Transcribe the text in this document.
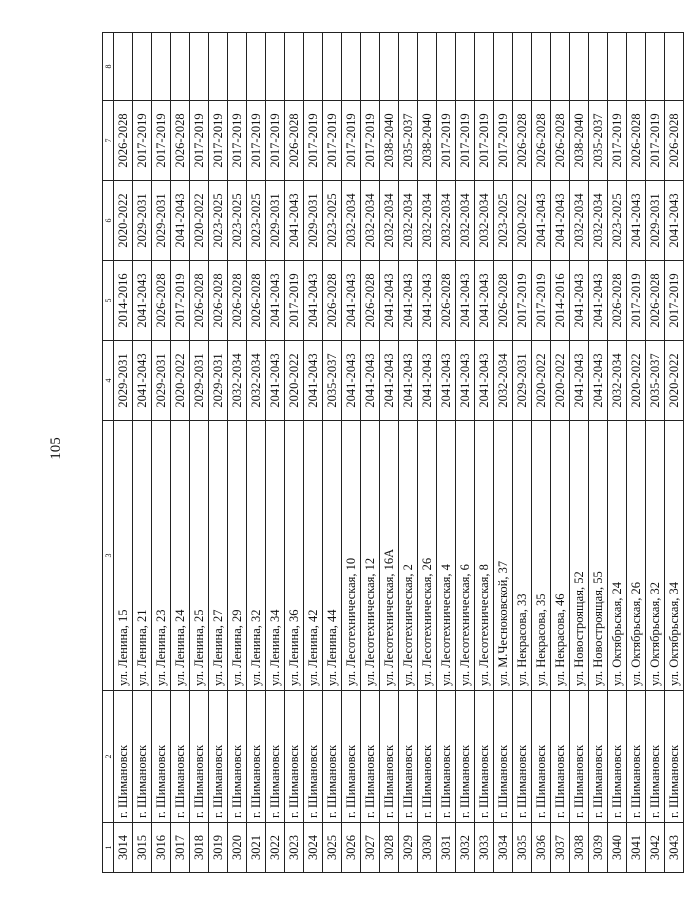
105
1	2	3	4	5	6	7	8
3014	г. Шимановск	ул. Ленина, 15	2029-2031	2014-2016	2020-2022	2026-2028	
3015	г. Шимановск	ул. Ленина, 21	2041-2043	2041-2043	2029-2031	2017-2019	
3016	г. Шимановск	ул. Ленина, 23	2029-2031	2026-2028	2029-2031	2017-2019	
3017	г. Шимановск	ул. Ленина, 24	2020-2022	2017-2019	2041-2043	2026-2028	
3018	г. Шимановск	ул. Ленина, 25	2029-2031	2026-2028	2020-2022	2017-2019	
3019	г. Шимановск	ул. Ленина, 27	2029-2031	2026-2028	2023-2025	2017-2019	
3020	г. Шимановск	ул. Ленина, 29	2032-2034	2026-2028	2023-2025	2017-2019	
3021	г. Шимановск	ул. Ленина, 32	2032-2034	2026-2028	2023-2025	2017-2019	
3022	г. Шимановск	ул. Ленина, 34	2041-2043	2041-2043	2029-2031	2017-2019	
3023	г. Шимановск	ул. Ленина, 36	2020-2022	2017-2019	2041-2043	2026-2028	
3024	г. Шимановск	ул. Ленина, 42	2041-2043	2041-2043	2029-2031	2017-2019	
3025	г. Шимановск	ул. Ленина, 44	2035-2037	2026-2028	2023-2025	2017-2019	
3026	г. Шимановск	ул. Лесотехническая, 10	2041-2043	2041-2043	2032-2034	2017-2019	
3027	г. Шимановск	ул. Лесотехническая, 12	2041-2043	2026-2028	2032-2034	2017-2019	
3028	г. Шимановск	ул. Лесотехническая, 16А	2041-2043	2041-2043	2032-2034	2038-2040	
3029	г. Шимановск	ул. Лесотехническая, 2	2041-2043	2041-2043	2032-2034	2035-2037	
3030	г. Шимановск	ул. Лесотехническая, 26	2041-2043	2041-2043	2032-2034	2038-2040	
3031	г. Шимановск	ул. Лесотехническая, 4	2041-2043	2026-2028	2032-2034	2017-2019	
3032	г. Шимановск	ул. Лесотехническая, 6	2041-2043	2041-2043	2032-2034	2017-2019	
3033	г. Шимановск	ул. Лесотехническая, 8	2041-2043	2041-2043	2032-2034	2017-2019	
3034	г. Шимановск	ул. М.Чесноковской, 37	2032-2034	2026-2028	2023-2025	2017-2019	
3035	г. Шимановск	ул. Некрасова, 33	2029-2031	2017-2019	2020-2022	2026-2028	
3036	г. Шимановск	ул. Некрасова, 35	2020-2022	2017-2019	2041-2043	2026-2028	
3037	г. Шимановск	ул. Некрасова, 46	2020-2022	2014-2016	2041-2043	2026-2028	
3038	г. Шимановск	ул. Новостроящая, 52	2041-2043	2041-2043	2032-2034	2038-2040	
3039	г. Шимановск	ул. Новостроящая, 55	2041-2043	2041-2043	2032-2034	2035-2037	
3040	г. Шимановск	ул. Октябрьская, 24	2032-2034	2026-2028	2023-2025	2017-2019	
3041	г. Шимановск	ул. Октябрьская, 26	2020-2022	2017-2019	2041-2043	2026-2028	
3042	г. Шимановск	ул. Октябрьская, 32	2035-2037	2026-2028	2029-2031	2017-2019	
3043	г. Шимановск	ул. Октябрьская, 34	2020-2022	2017-2019	2041-2043	2026-2028	
